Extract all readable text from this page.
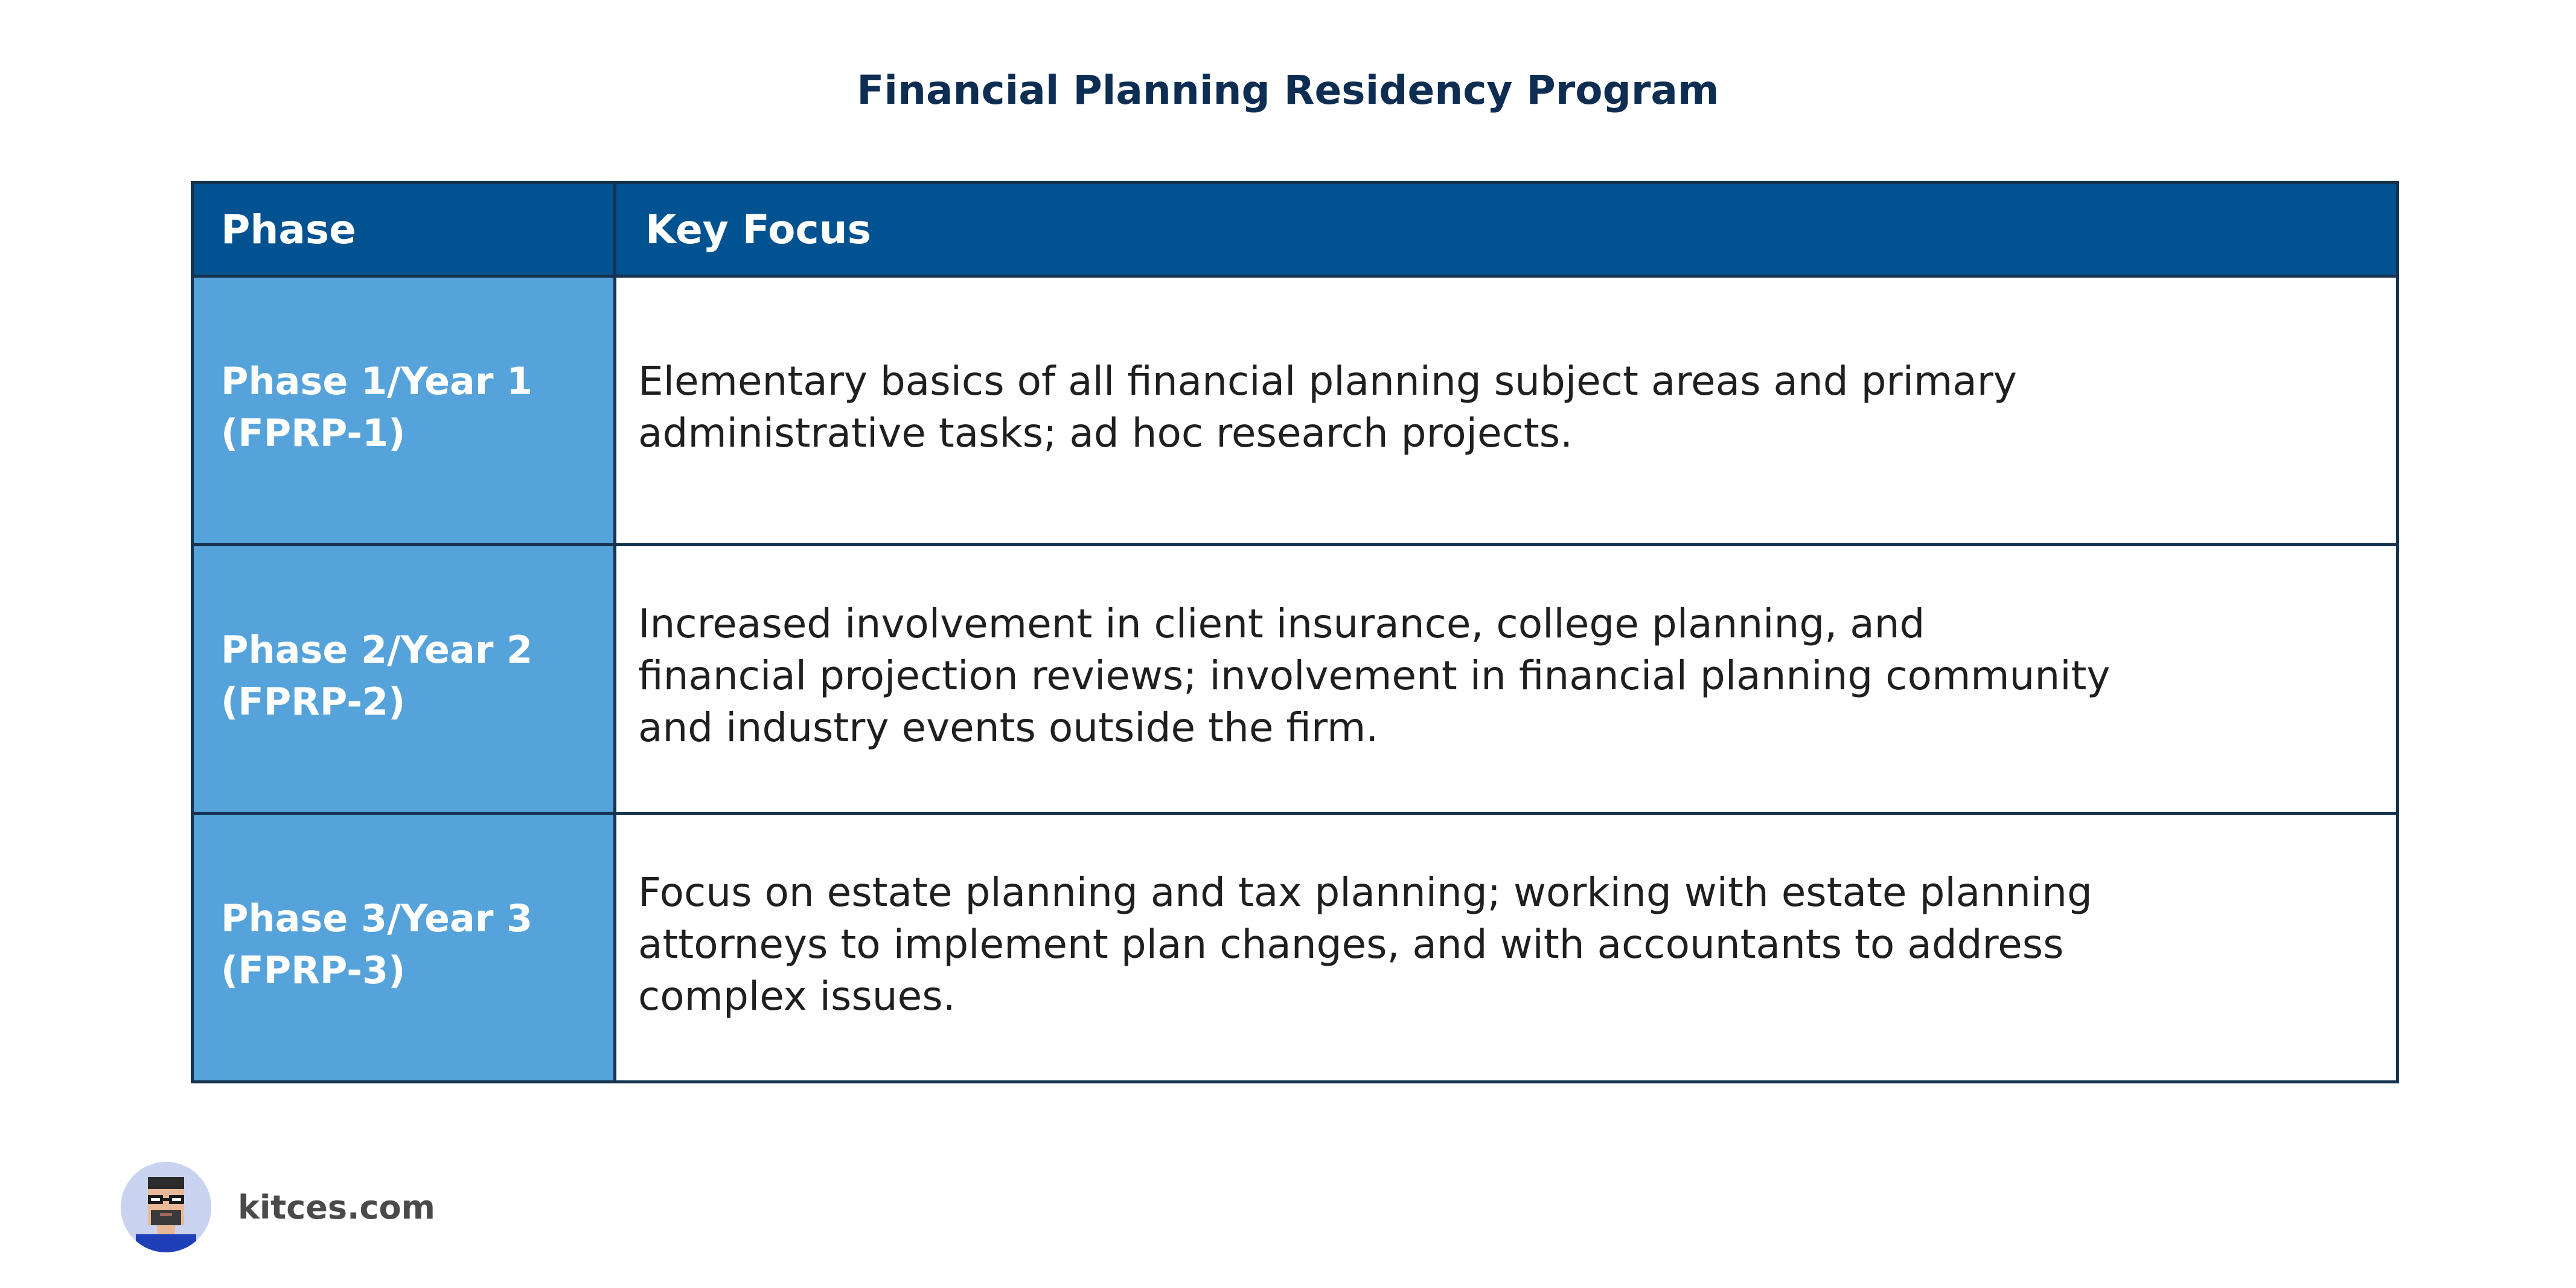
Financial Planning Residency Program
Phase	Key Focus
Phase 1/Year 1
(FPRP-1)
Elementary basics of all financial planning subject areas and primary
administrative tasks; ad hoc research projects.
Phase 2/Year 2
(FPRP-2)
Increased involvement in client insurance, college planning, and
financial projection reviews; involvement in financial planning community
and industry events outside the firm.
Phase 3/Year 3
(FPRP-3)
Focus on estate planning and tax planning; working with estate planning
attorneys to implement plan changes, and with accountants to address
complex issues.
kitces.com
